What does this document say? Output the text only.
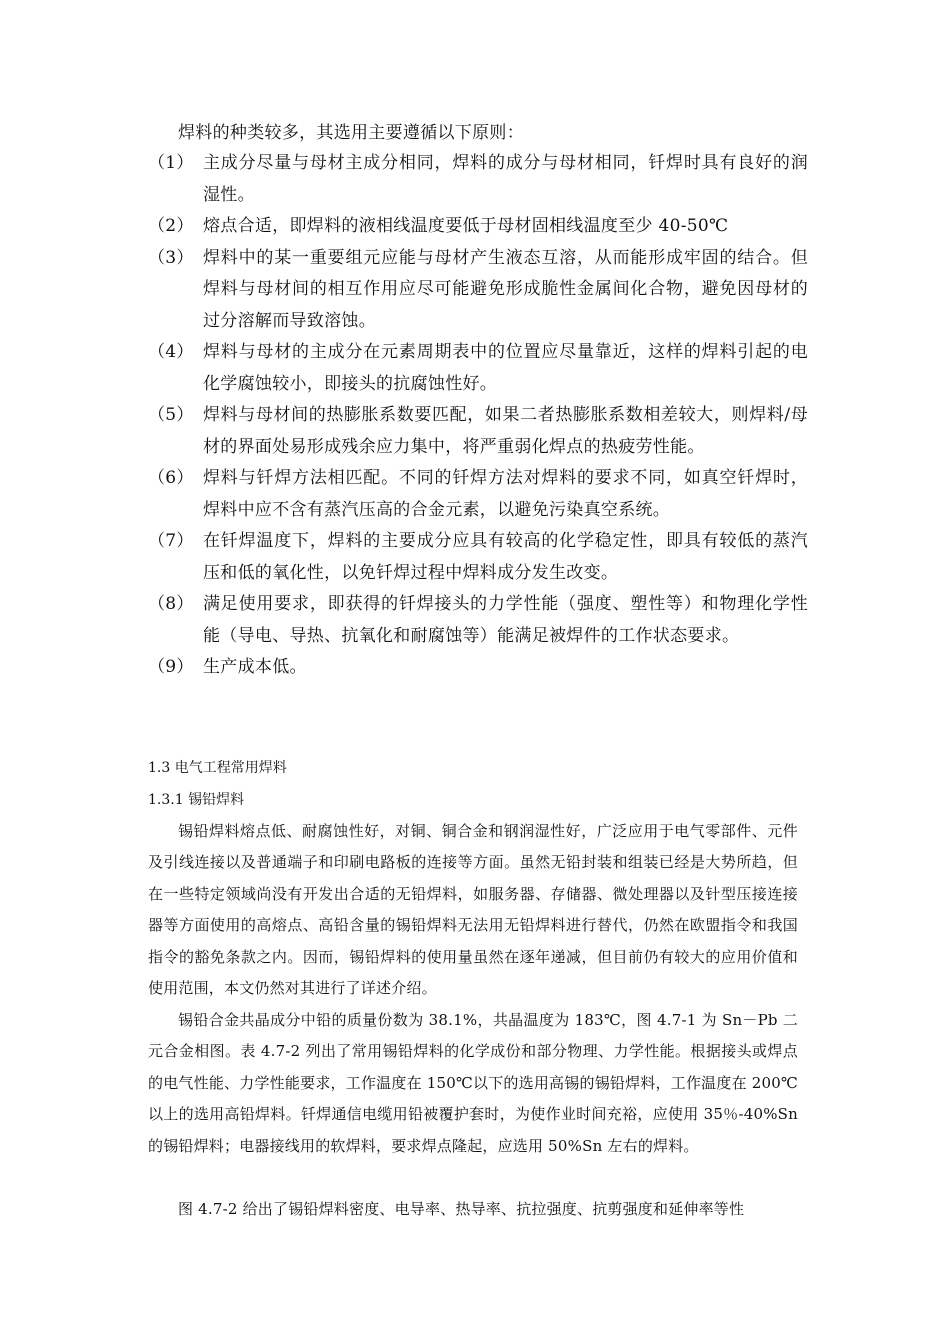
焊料的种类较多，其选用主要遵循以下原则：
（1） 主成分尽量与母材主成分相同，焊料的成分与母材相同，钎焊时具有良好的润湿性。
（2） 熔点合适，即焊料的液相线温度要低于母材固相线温度至少 40-50℃
（3） 焊料中的某一重要组元应能与母材产生液态互溶，从而能形成牢固的结合。但焊料与母材间的相互作用应尽可能避免形成脆性金属间化合物，避免因母材的过分溶解而导致溶蚀。
（4） 焊料与母材的主成分在元素周期表中的位置应尽量靠近，这样的焊料引起的电化学腐蚀较小，即接头的抗腐蚀性好。
（5） 焊料与母材间的热膨胀系数要匹配，如果二者热膨胀系数相差较大，则焊料/母材的界面处易形成残余应力集中，将严重弱化焊点的热疲劳性能。
（6） 焊料与钎焊方法相匹配。不同的钎焊方法对焊料的要求不同，如真空钎焊时，焊料中应不含有蒸汽压高的合金元素，以避免污染真空系统。
（7） 在钎焊温度下，焊料的主要成分应具有较高的化学稳定性，即具有较低的蒸汽压和低的氧化性，以免钎焊过程中焊料成分发生改变。
（8） 满足使用要求，即获得的钎焊接头的力学性能（强度、塑性等）和物理化学性能（导电、导热、抗氧化和耐腐蚀等）能满足被焊件的工作状态要求。
（9） 生产成本低。
1.3 电气工程常用焊料
1.3.1 锡铅焊料
锡铅焊料熔点低、耐腐蚀性好，对铜、铜合金和钢润湿性好，广泛应用于电气零部件、元件及引线连接以及普通端子和印刷电路板的连接等方面。虽然无铅封装和组装已经是大势所趋，但在一些特定领域尚没有开发出合适的无铅焊料，如服务器、存储器、微处理器以及针型压接连接器等方面使用的高熔点、高铅含量的锡铅焊料无法用无铅焊料进行替代，仍然在欧盟指令和我国指令的豁免条款之内。因而，锡铅焊料的使用量虽然在逐年递减，但目前仍有较大的应用价值和使用范围，本文仍然对其进行了详述介绍。
锡铅合金共晶成分中铅的质量份数为 38.1%，共晶温度为 183℃，图 4.7-1 为 Sn－Pb 二元合金相图。表 4.7-2 列出了常用锡铅焊料的化学成份和部分物理、力学性能。根据接头或焊点的电气性能、力学性能要求，工作温度在 150℃以下的选用高锡的锡铅焊料，工作温度在 200℃以上的选用高铅焊料。钎焊通信电缆用铅被覆护套时，为使作业时间充裕，应使用 35％-40%Sn 的锡铅焊料；电器接线用的软焊料，要求焊点隆起，应选用 50%Sn 左右的焊料。
图 4.7-2 给出了锡铅焊料密度、电导率、热导率、抗拉强度、抗剪强度和延伸率等性
